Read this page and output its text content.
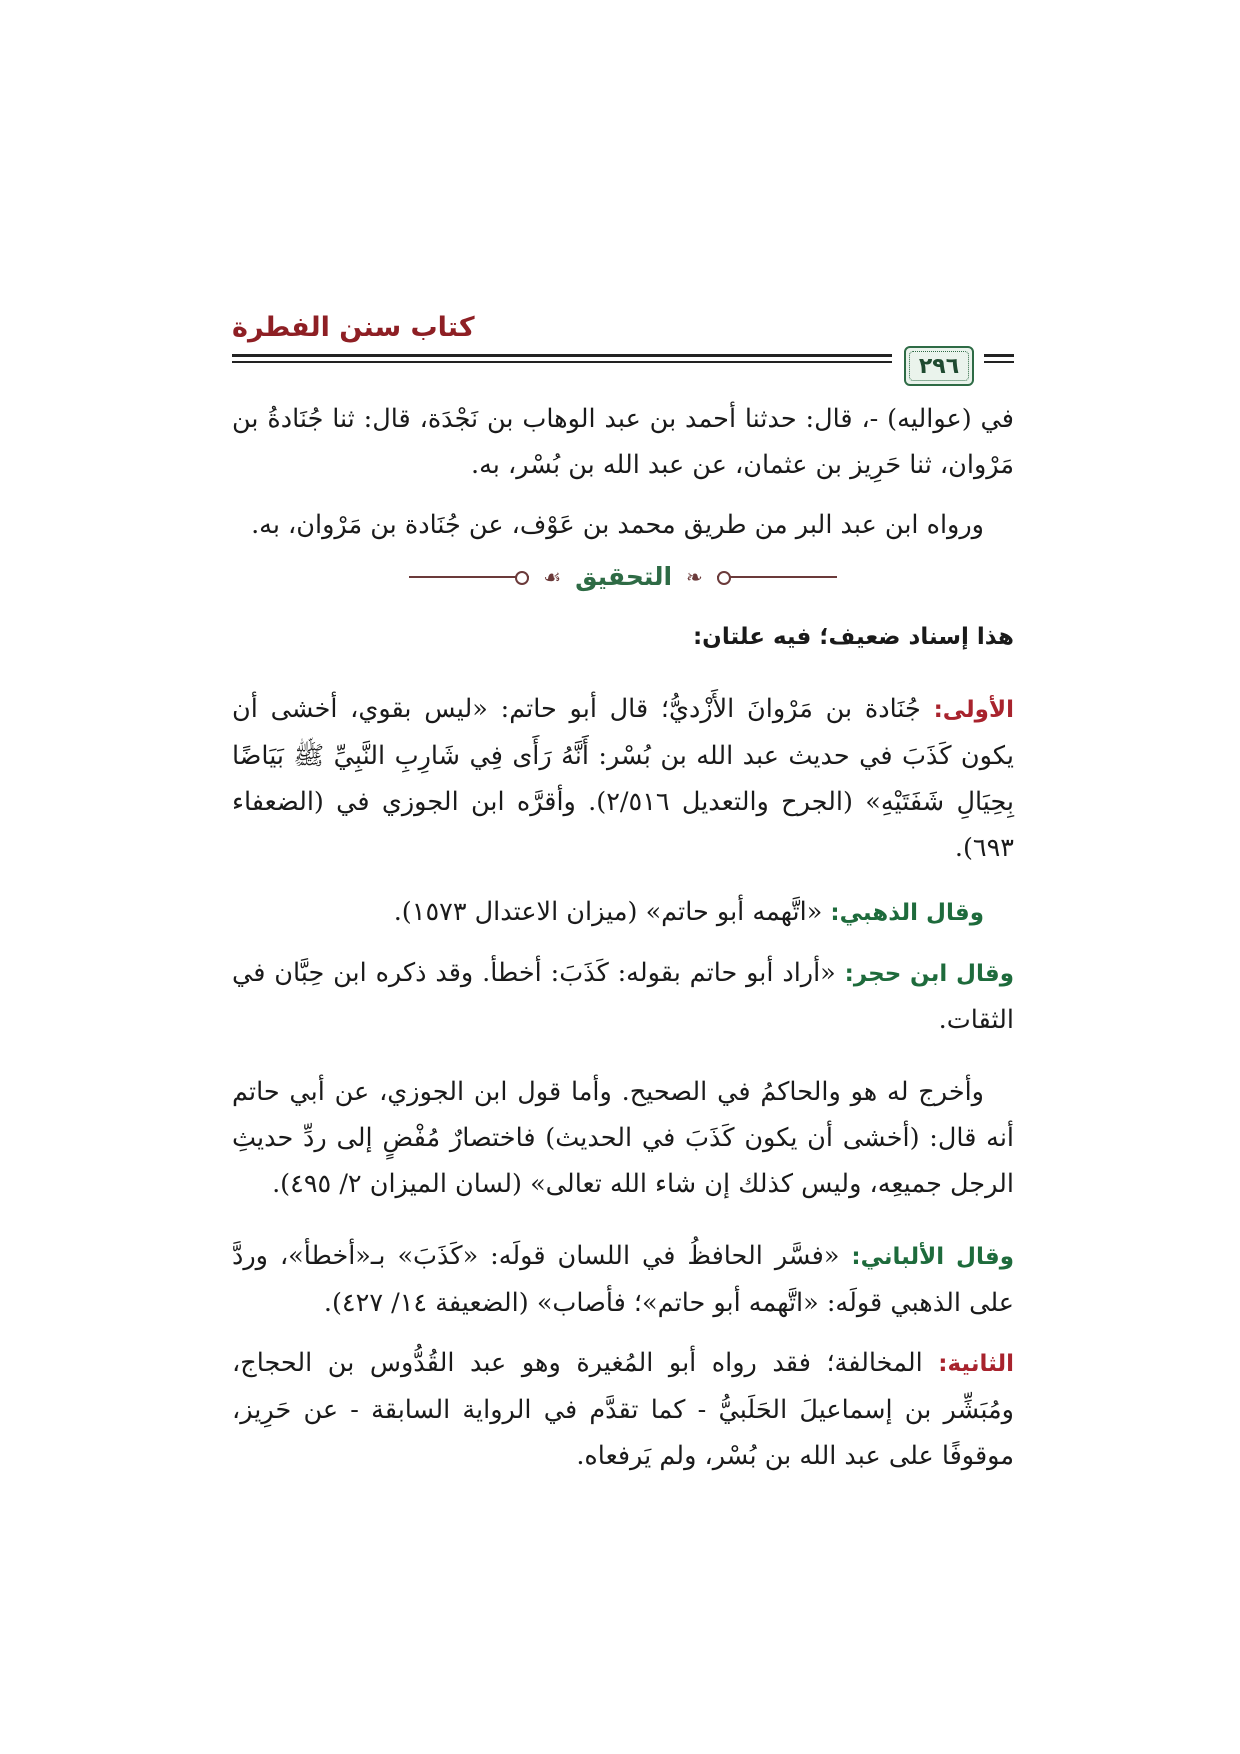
كتاب سنن الفطرة
٢٩٦

في (عواليه) -، قال: حدثنا أحمد بن عبد الوهاب بن نَجْدَة، قال: ثنا جُنَادةُ بن مَرْوان، ثنا حَرِيز بن عثمان، عن عبد الله بن بُسْر، به.

ورواه ابن عبد البر من طريق محمد بن عَوْف، عن جُنَادة بن مَرْوان، به.

❧
التحقيق
☙

هذا إسناد ضعيف؛ فيه علتان:

الأولى: جُنَادة بن مَرْوانَ الأَزْديُّ؛ قال أبو حاتم: «ليس بقوي، أخشى أن يكون كَذَبَ في حديث عبد الله بن بُسْر: أَنَّهُ رَأَى فِي شَارِبِ النَّبِيِّ ﷺ بَيَاضًا بِحِيَالِ شَفَتَيْهِ» (الجرح والتعديل ٢/٥١٦). وأقرَّه ابن الجوزي في (الضعفاء ٦٩٣).

وقال الذهبي: «اتَّهمه أبو حاتم» (ميزان الاعتدال ١٥٧٣).

وقال ابن حجر: «أراد أبو حاتم بقوله: كَذَبَ: أخطأ. وقد ذكره ابن حِبَّان في الثقات.

وأخرج له هو والحاكمُ في الصحيح. وأما قول ابن الجوزي، عن أبي حاتم أنه قال: (أخشى أن يكون كَذَبَ في الحديث) فاختصارٌ مُفْضٍ إلى ردِّ حديثِ الرجل جميعِه، وليس كذلك إن شاء الله تعالى» (لسان الميزان ٢/ ٤٩٥).

وقال الألباني: «فسَّر الحافظُ في اللسان قولَه: «كَذَبَ» بـ«أخطأ»، وردَّ على الذهبي قولَه: «اتَّهمه أبو حاتم»؛ فأصاب» (الضعيفة ١٤/ ٤٢٧).

الثانية: المخالفة؛ فقد رواه أبو المُغيرة وهو عبد القُدُّوس بن الحجاج، ومُبَشِّر بن إسماعيلَ الحَلَبيُّ - كما تقدَّم في الرواية السابقة - عن حَرِيز، موقوفًا على عبد الله بن بُسْر، ولم يَرفعاه.
